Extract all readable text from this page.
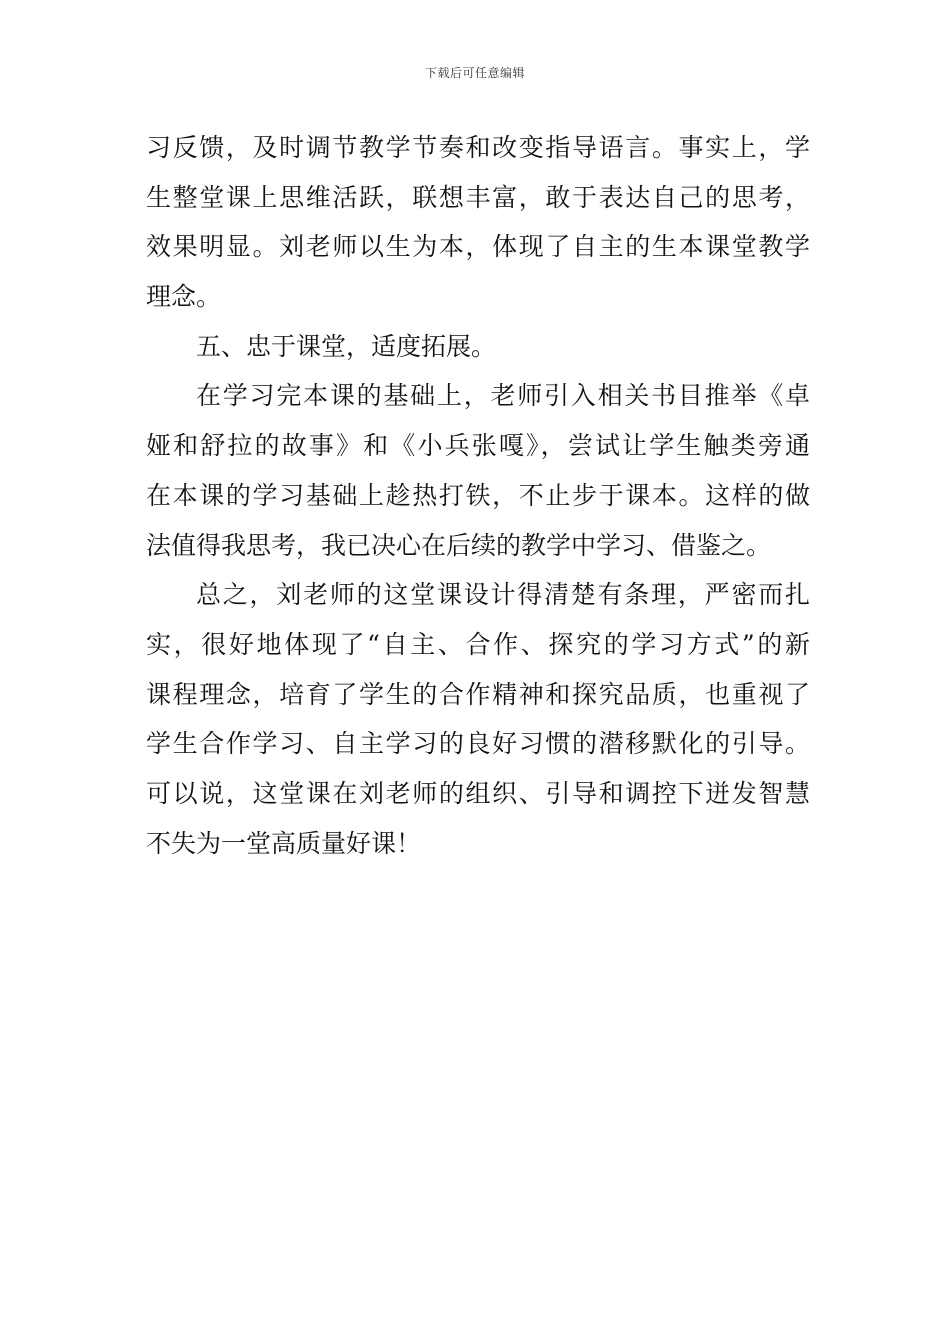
下载后可任意编辑
习反馈，及时调节教学节奏和改变指导语言。事实上，学
生整堂课上思维活跃，联想丰富，敢于表达自己的思考，
效果明显。刘老师以生为本，体现了自主的生本课堂教学
理念。
五、忠于课堂，适度拓展。
在学习完本课的基础上，老师引入相关书目推举《卓
娅和舒拉的故事》和《小兵张嘎》，尝试让学生触类旁通
在本课的学习基础上趁热打铁，不止步于课本。这样的做
法值得我思考，我已决心在后续的教学中学习、借鉴之。
总之，刘老师的这堂课设计得清楚有条理，严密而扎
实，很好地体现了“自主、合作、探究的学习方式”的新
课程理念，培育了学生的合作精神和探究品质，也重视了
学生合作学习、自主学习的良好习惯的潜移默化的引导。
可以说，这堂课在刘老师的组织、引导和调控下迸发智慧
不失为一堂高质量好课！
